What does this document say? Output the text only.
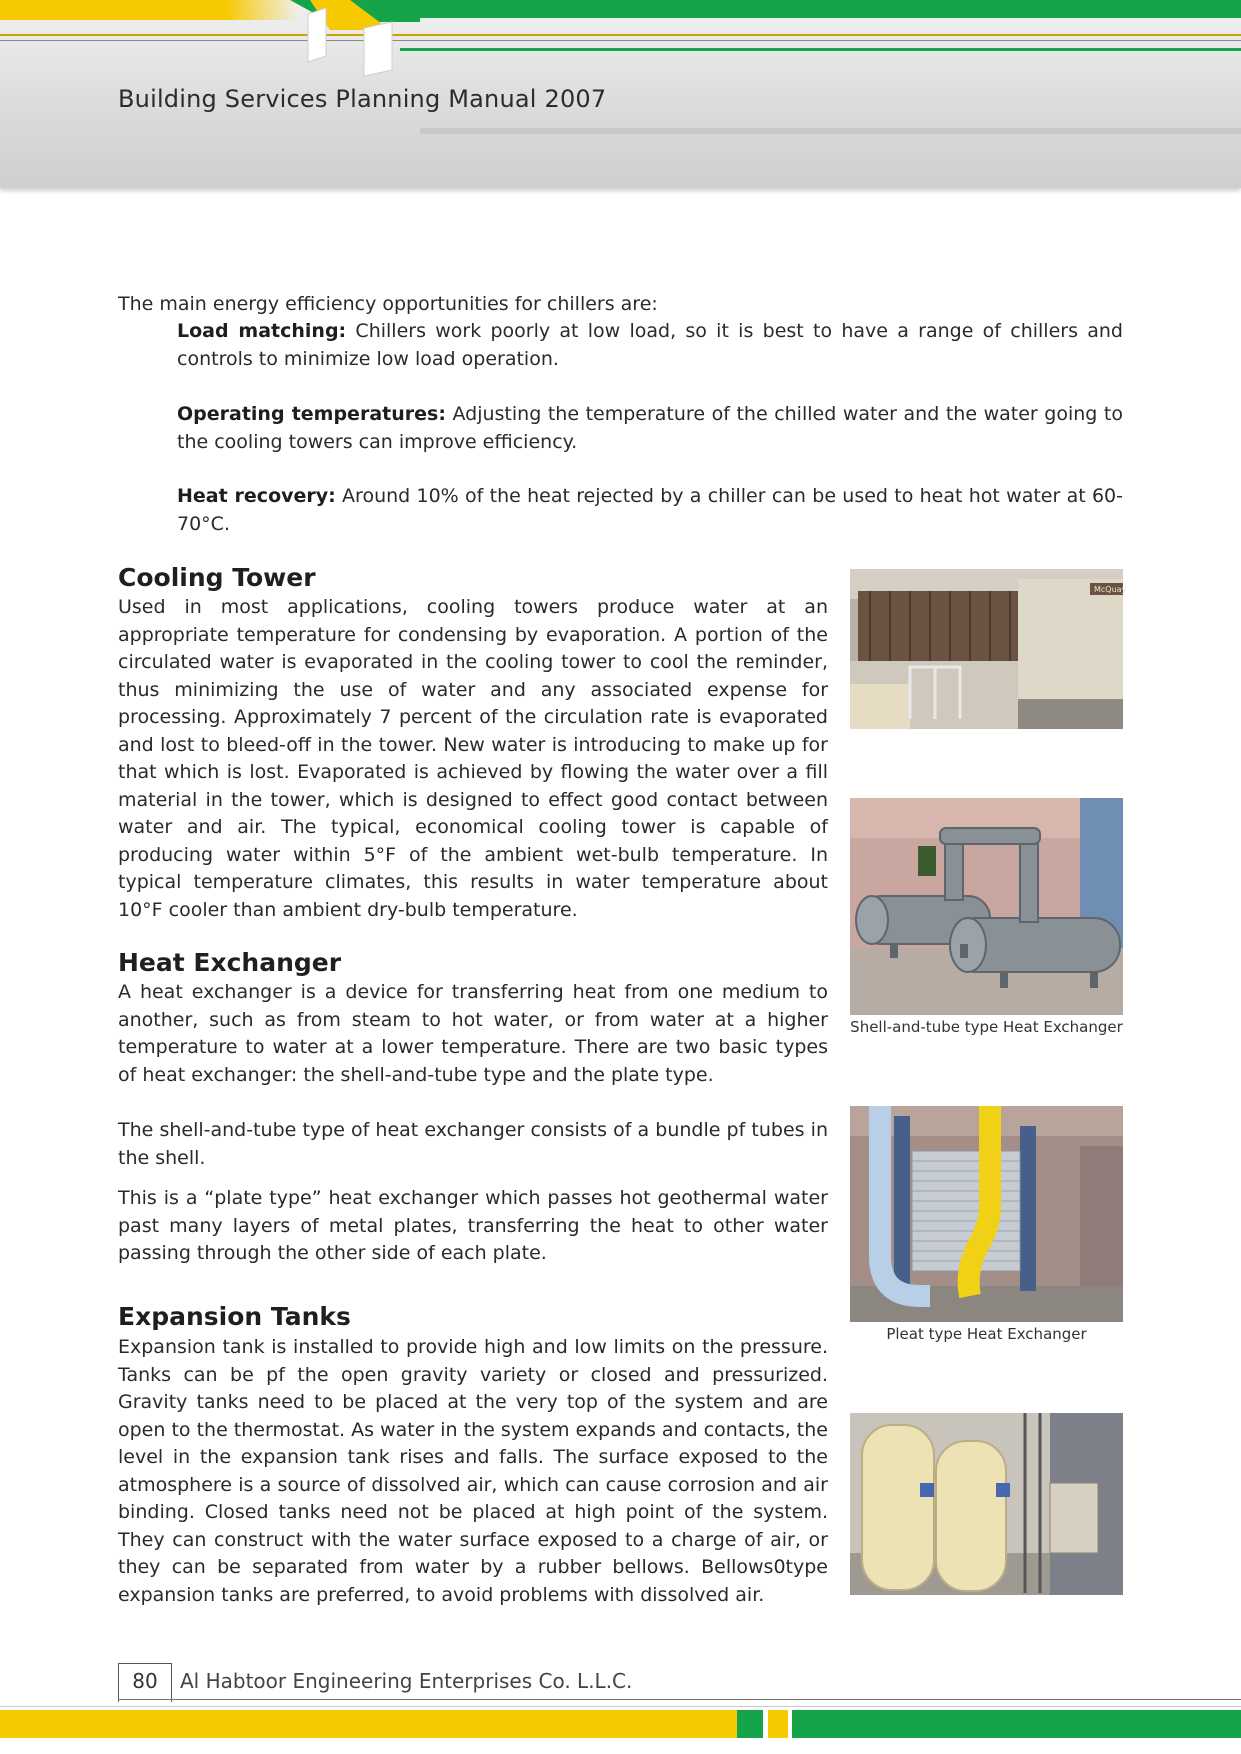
Building Services Planning Manual 2007
The main energy efficiency opportunities for chillers are:
Load matching: Chillers work poorly at low load, so it is best to have a range of chillers and controls to minimize low load operation.
Operating temperatures: Adjusting the temperature of the chilled water and the water going to the cooling towers can improve efficiency.
Heat recovery: Around 10% of the heat rejected by a chiller can be used to heat hot water at 60-70°C.
Cooling Tower
Used in most applications, cooling towers produce water at an appropriate temperature for condensing by evaporation. A portion of the circulated water is evaporated in the cooling tower to cool the reminder, thus minimizing the use of water and any associated expense for processing. Approximately 7 percent of the circulation rate is evaporated and lost to bleed-off in the tower. New water is introducing to make up for that which is lost. Evaporated is achieved by flowing the water over a fill material in the tower, which is designed to effect good contact between water and air. The typical, economical cooling tower is capable of producing water within 5°F of the ambient wet-bulb temperature. In typical temperature climates, this results in water temperature about 10°F cooler than ambient dry-bulb temperature.
Heat Exchanger
A heat exchanger is a device for transferring heat from one medium to another, such as from steam to hot water, or from water at a higher temperature to water at a lower temperature. There are two basic types of heat exchanger: the shell-and-tube type and the plate type.
The shell-and-tube type of heat exchanger consists of a bundle pf tubes in the shell.
This is a “plate type” heat exchanger which passes hot geothermal water past many layers of metal plates, transferring the heat to other water passing through the other side of each plate.
Expansion Tanks
Expansion tank is installed to provide high and low limits on the pressure. Tanks can be pf the open gravity variety or closed and pressurized. Gravity tanks need to be placed at the very top of the system and are open to the thermostat. As water in the system expands and contacts, the level in the expansion tank rises and falls. The surface exposed to the atmosphere is a source of dissolved air, which can cause corrosion and air binding. Closed tanks need not be placed at high point of the system. They can construct with the water surface exposed to a charge of air, or they can be separated from water by a rubber bellows. Bellows0type expansion tanks are preferred, to avoid problems with dissolved air.
McQuay
Shell-and-tube type Heat Exchanger
Pleat type Heat Exchanger
80	Al Habtoor Engineering Enterprises Co. L.L.C.
